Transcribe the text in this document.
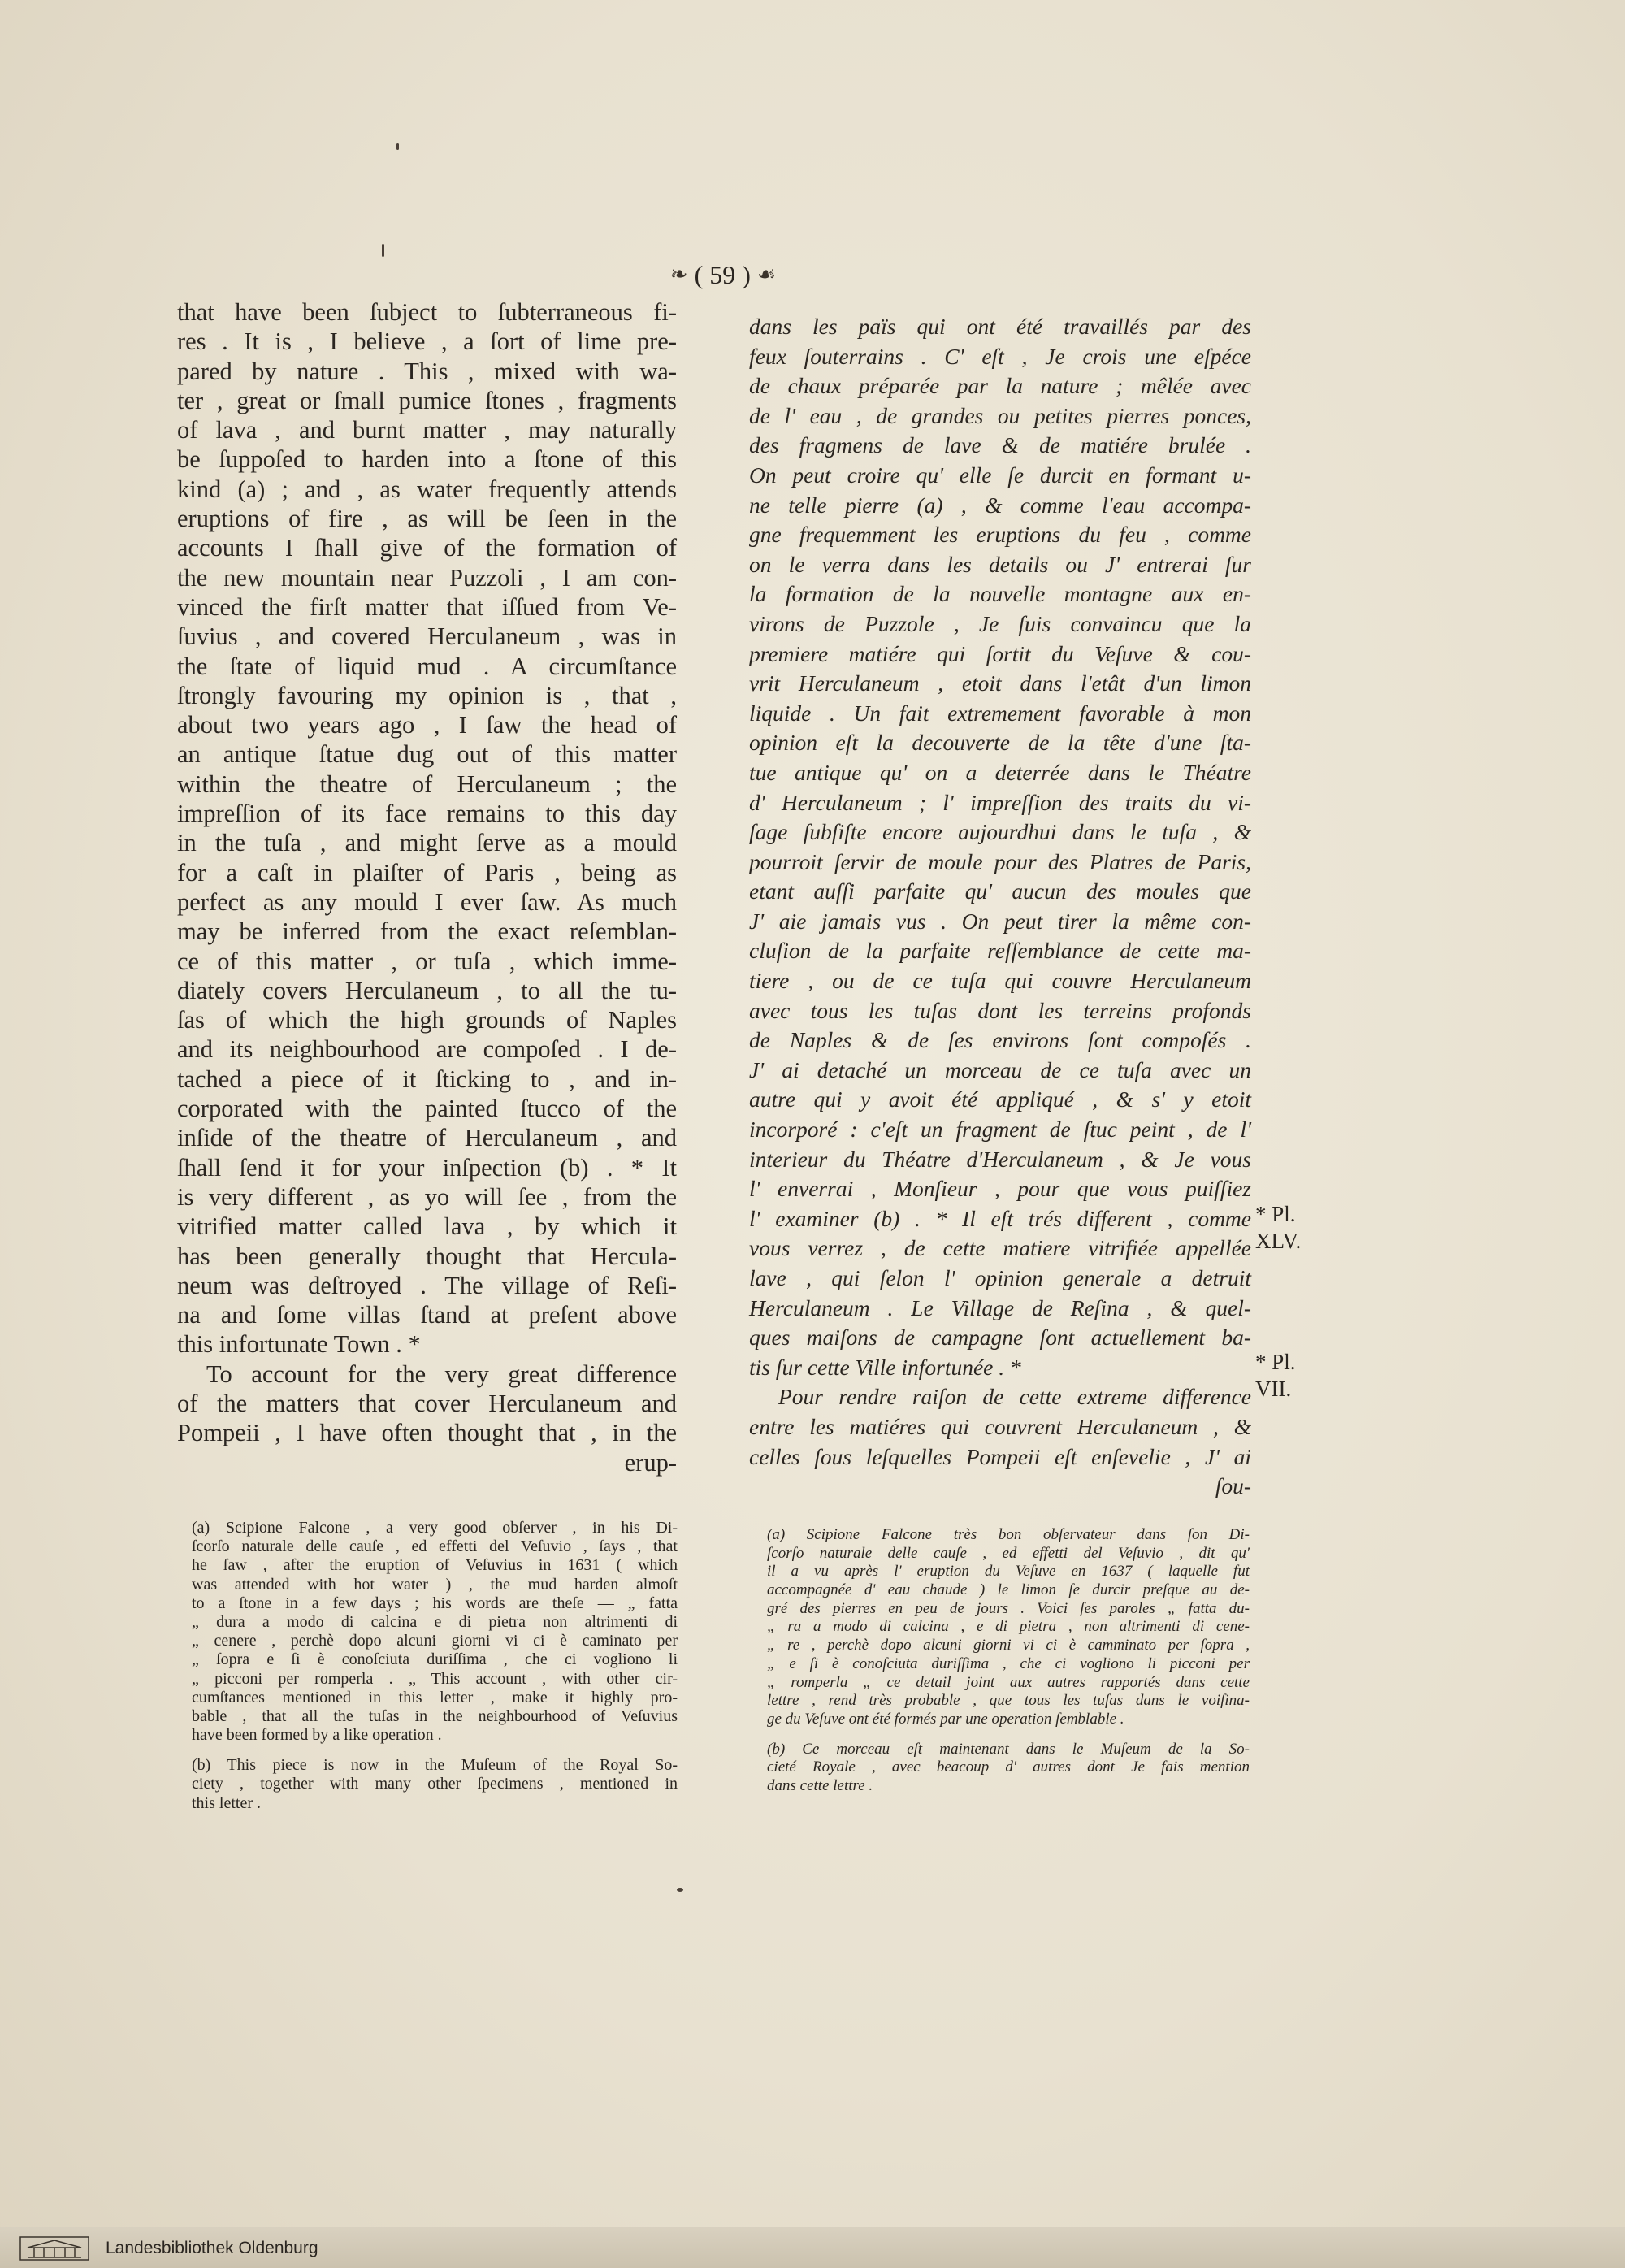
❧ ( 59 ) ☙
that have been ſubject to ſubterraneous fi-
res . It is , I believe , a ſort of lime pre-
pared by nature . This , mixed with wa-
ter , great or ſmall pumice ſtones , fragments
of lava , and burnt matter , may naturally
be ſuppoſed to harden into a ſtone of this
kind (a) ; and , as water frequently attends
eruptions of fire , as will be ſeen in the
accounts I ſhall give of the formation of
the new mountain near Puzzoli , I am con-
vinced the firſt matter that iſſued from Ve-
ſuvius , and covered Herculaneum , was in
the ſtate of liquid mud . A circumſtance
ſtrongly favouring my opinion is , that ,
about two years ago , I ſaw the head of
an antique ſtatue dug out of this matter
within the theatre of Herculaneum ; the
impreſſion of its face remains to this day
in the tuſa , and might ſerve as a mould
for a caſt in plaiſter of Paris , being as
perfect as any mould I ever ſaw. As much
may be inferred from the exact reſemblan-
ce of this matter , or tuſa , which imme-
diately covers Herculaneum , to all the tu-
ſas of which the high grounds of Naples
and its neighbourhood are compoſed . I de-
tached a piece of it ſticking to , and in-
corporated with the painted ſtucco of the
inſide of the theatre of Herculaneum , and
ſhall ſend it for your inſpection (b) . * It
is very different , as yo will ſee , from the
vitrified matter called lava , by which it
has been generally thought that Hercula-
neum was deſtroyed . The village of Reſi-
na and ſome villas ſtand at preſent above
this infortunate Town . *
To account for the very great difference
of the matters that cover Herculaneum and
Pompeii , I have often thought that , in the
erup-
dans les païs qui ont été travaillés par des
feux ſouterrains . C' eſt , Je crois une eſpéce
de chaux préparée par la nature ; mêlée avec
de l' eau , de grandes ou petites pierres ponces,
des fragmens de lave & de matiére brulée .
On peut croire qu' elle ſe durcit en formant u-
ne telle pierre (a) , & comme l'eau accompa-
gne frequemment les eruptions du feu , comme
on le verra dans les details ou J' entrerai ſur
la formation de la nouvelle montagne aux en-
virons de Puzzole , Je ſuis convaincu que la
premiere matiére qui ſortit du Veſuve & cou-
vrit Herculaneum , etoit dans l'etât d'un limon
liquide . Un fait extremement favorable à mon
opinion eſt la decouverte de la tête d'une ſta-
tue antique qu' on a deterrée dans le Théatre
d' Herculaneum ; l' impreſſion des traits du vi-
ſage ſubſiſte encore aujourdhui dans le tuſa , &
pourroit ſervir de moule pour des Platres de Paris,
etant auſſi parfaite qu' aucun des moules que
J' aie jamais vus . On peut tirer la même con-
cluſion de la parfaite reſſemblance de cette ma-
tiere , ou de ce tuſa qui couvre Herculaneum
avec tous les tuſas dont les terreins profonds
de Naples & de ſes environs ſont compoſés .
J' ai detaché un morceau de ce tuſa avec un
autre qui y avoit été appliqué , & s' y etoit
incorporé : c'eſt un fragment de ſtuc peint , de l'
interieur du Théatre d'Herculaneum , & Je vous
l' enverrai , Monſieur , pour que vous puiſſiez
l' examiner (b) . * Il eſt trés different , comme
vous verrez , de cette matiere vitrifiée appellée
lave , qui ſelon l' opinion generale a detruit
Herculaneum . Le Village de Reſina , & quel-
ques maiſons de campagne ſont actuellement ba-
tis ſur cette Ville infortunée . *
Pour rendre raiſon de cette extreme difference
entre les matiéres qui couvrent Herculaneum , &
celles ſous leſquelles Pompeii eſt enſevelie , J' ai
ſou-
* Pl.
XLV.
* Pl.
VII.
(a) Scipione Falcone , a very good obſerver , in his Di-
ſcorſo naturale delle cauſe , ed effetti del Veſuvio , ſays , that
he ſaw , after the eruption of Veſuvius in 1631 ( which
was attended with hot water ) , the mud harden almoſt
to a ſtone in a few days ; his words are theſe — „ fatta
„ dura a modo di calcina e di pietra non altrimenti di
„ cenere , perchè dopo alcuni giorni vi ci è caminato per
„ ſopra e ſi è conoſciuta duriſſima , che ci vogliono li
„ picconi per romperla . „ This account , with other cir-
cumſtances mentioned in this letter , make it highly pro-
bable , that all the tuſas in the neighbourhood of Veſuvius
have been formed by a like operation .
(b) This piece is now in the Muſeum of the Royal So-
ciety , together with many other ſpecimens , mentioned in
this letter .
(a) Scipione Falcone très bon obſervateur dans ſon Di-
ſcorſo naturale delle cauſe , ed effetti del Veſuvio , dit qu'
il a vu après l' eruption du Veſuve en 1637 ( laquelle fut
accompagnée d' eau chaude ) le limon ſe durcir preſque au de-
gré des pierres en peu de jours . Voici ſes paroles „ fatta du-
„ ra a modo di calcina , e di pietra , non altrimenti di cene-
„ re , perchè dopo alcuni giorni vi ci è camminato per ſopra ,
„ e ſi è conoſciuta duriſſima , che ci vogliono li picconi per
„ romperla „ ce detail joint aux autres rapportés dans cette
lettre , rend très probable , que tous les tuſas dans le voiſina-
ge du Veſuve ont été formés par une operation ſemblable .
(b) Ce morceau eſt maintenant dans le Muſeum de la So-
cieté Royale , avec beacoup d' autres dont Je fais mention
dans cette lettre .
Landesbibliothek Oldenburg
